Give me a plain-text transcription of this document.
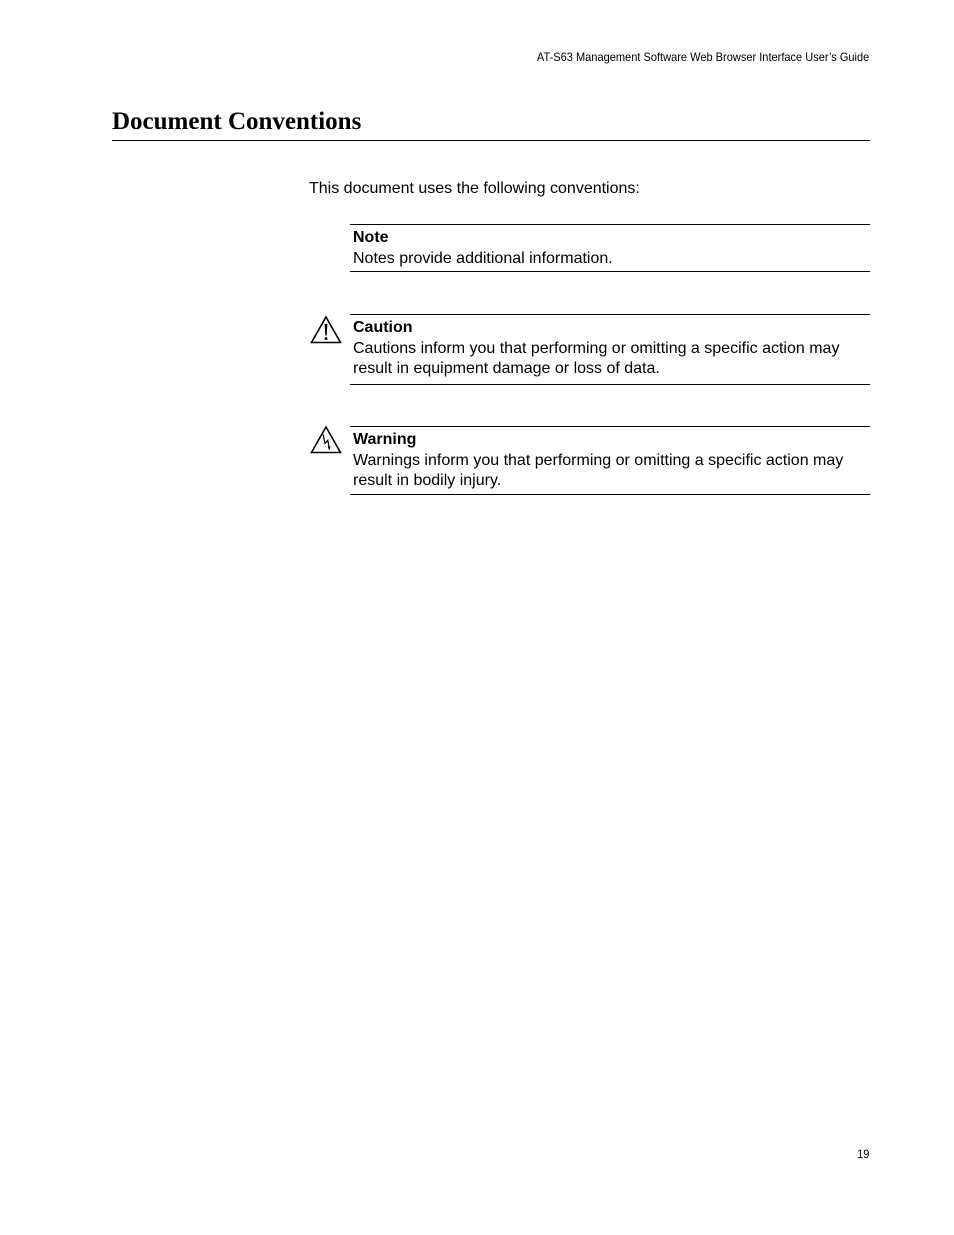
AT-S63 Management Software Web Browser Interface User’s Guide
Document Conventions

This document uses the following conventions:

Note
Notes provide additional information.
Caution
Cautions inform you that performing or omitting a specific action may result in equipment damage or loss of data.
Warning
Warnings inform you that performing or omitting a specific action may result in bodily injury.
19
